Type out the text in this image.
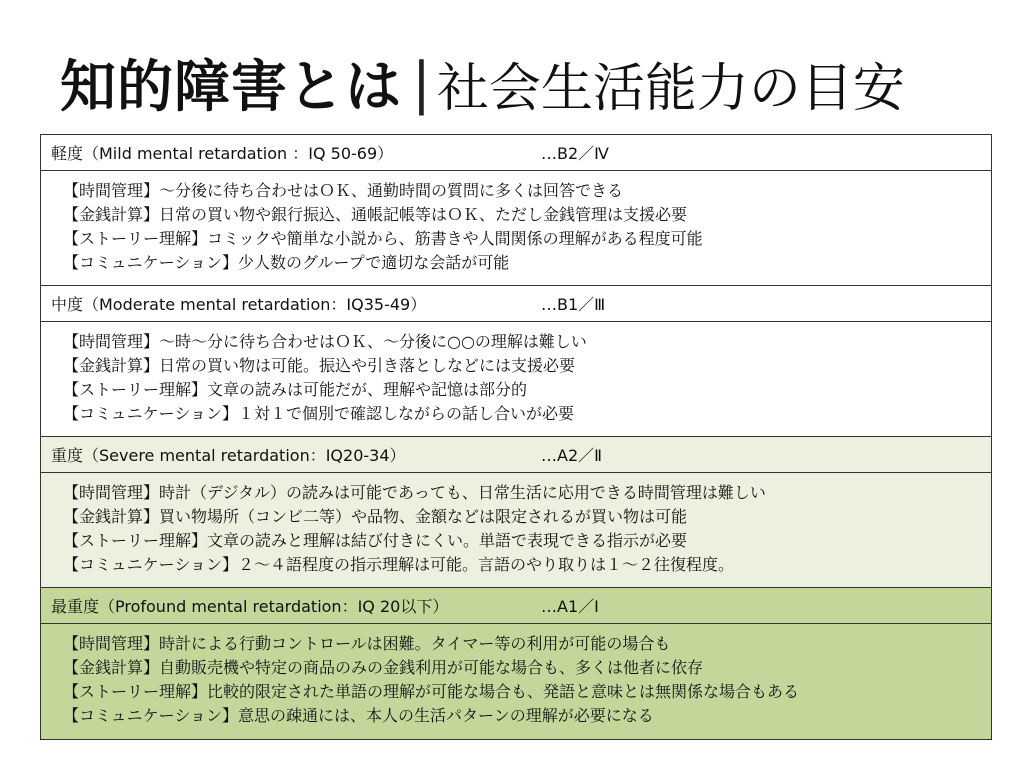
知的障害とは | 社会生活能力の目安
軽度（Mild mental retardation ：IQ 50-69）	…B2／Ⅳ
【時間管理】～分後に待ち合わせはＯＫ、通勤時間の質問に多くは回答できる
【金銭計算】日常の買い物や銀行振込、通帳記帳等はＯＫ、ただし金銭管理は支援必要
【ストーリー理解】コミックや簡単な小説から、筋書きや人間関係の理解がある程度可能
【コミュニケーション】少人数のグループで適切な会話が可能
中度（Moderate mental retardation：IQ35-49）	…B1／Ⅲ
【時間管理】～時～分に待ち合わせはＯＫ、～分後に○○の理解は難しい
【金銭計算】日常の買い物は可能。振込や引き落としなどには支援必要
【ストーリー理解】文章の読みは可能だが、理解や記憶は部分的
【コミュニケーション】１対１で個別で確認しながらの話し合いが必要
重度（Severe mental retardation：IQ20-34）	…A2／Ⅱ
【時間管理】時計（デジタル）の読みは可能であっても、日常生活に応用できる時間管理は難しい
【金銭計算】買い物場所（コンビ二等）や品物、金額などは限定されるが買い物は可能
【ストーリー理解】文章の読みと理解は結び付きにくい。単語で表現できる指示が必要
【コミュニケーション】２～４語程度の指示理解は可能。言語のやり取りは１～２往復程度。
最重度（Profound mental retardation：IQ 20以下）	…A1／Ⅰ
【時間管理】時計による行動コントロールは困難。タイマー等の利用が可能の場合も
【金銭計算】自動販売機や特定の商品のみの金銭利用が可能な場合も、多くは他者に依存
【ストーリー理解】比較的限定された単語の理解が可能な場合も、発語と意味とは無関係な場合もある
【コミュニケーション】意思の疎通には、本人の生活パターンの理解が必要になる
